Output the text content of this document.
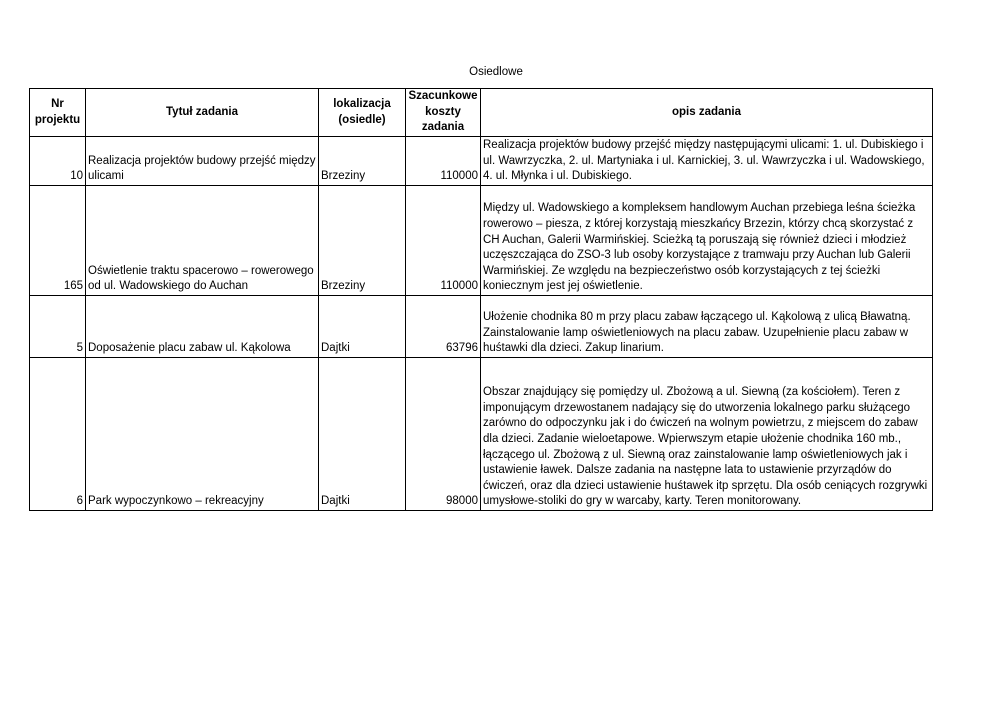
Osiedlowe
Nr projektu	Tytuł zadania	lokalizacja (osiedle)	Szacunkowe koszty zadania	opis zadania
10	Realizacja projektów budowy przejść między ulicami	Brzeziny	110000	Realizacja projektów budowy przejść między następującymi ulicami: 1. ul. Dubiskiego i ul. Wawrzyczka, 2. ul. Martyniaka i ul. Karnickiej, 3. ul. Wawrzyczka i ul. Wadowskiego, 4. ul. Młynka i ul. Dubiskiego.
165	Oświetlenie traktu spacerowo – rowerowego od ul. Wadowskiego do Auchan	Brzeziny	110000	Między ul. Wadowskiego a kompleksem handlowym Auchan przebiega leśna ścieżka rowerowo – piesza, z której korzystają mieszkańcy Brzezin, którzy chcą skorzystać z CH Auchan, Galerii Warmińskiej. Scieżką tą poruszają się również dzieci i młodzież uczęszczająca do ZSO-3 lub osoby korzystające z tramwaju przy Auchan lub Galerii Warmińskiej. Ze względu na bezpieczeństwo osób korzystających z tej ścieżki koniecznym jest jej oświetlenie.
5	Doposażenie placu zabaw ul. Kąkolowa	Dajtki	63796	Ułożenie chodnika 80 m przy placu zabaw łączącego ul. Kąkolową z ulicą Bławatną. Zainstalowanie lamp oświetleniowych na placu zabaw. Uzupełnienie placu zabaw w huśtawki dla dzieci. Zakup linarium.
6	Park wypoczynkowo – rekreacyjny	Dajtki	98000	Obszar znajdujący się pomiędzy ul. Zbożową a ul. Siewną (za kościołem). Teren z imponującym drzewostanem nadający się do utworzenia lokalnego parku służącego zarówno do odpoczynku jak i do ćwiczeń na wolnym powietrzu, z miejscem do zabaw dla dzieci. Zadanie wieloetapowe. Wpierwszym etapie ułożenie chodnika 160 mb., łączącego ul. Zbożową z ul. Siewną oraz zainstalowanie lamp oświetleniowych jak i ustawienie ławek. Dalsze zadania na następne lata to ustawienie przyrządów do ćwiczeń, oraz dla dzieci ustawienie huśtawek itp sprzętu. Dla osób ceniących rozgrywki umysłowe-stoliki do gry w warcaby, karty. Teren monitorowany.
